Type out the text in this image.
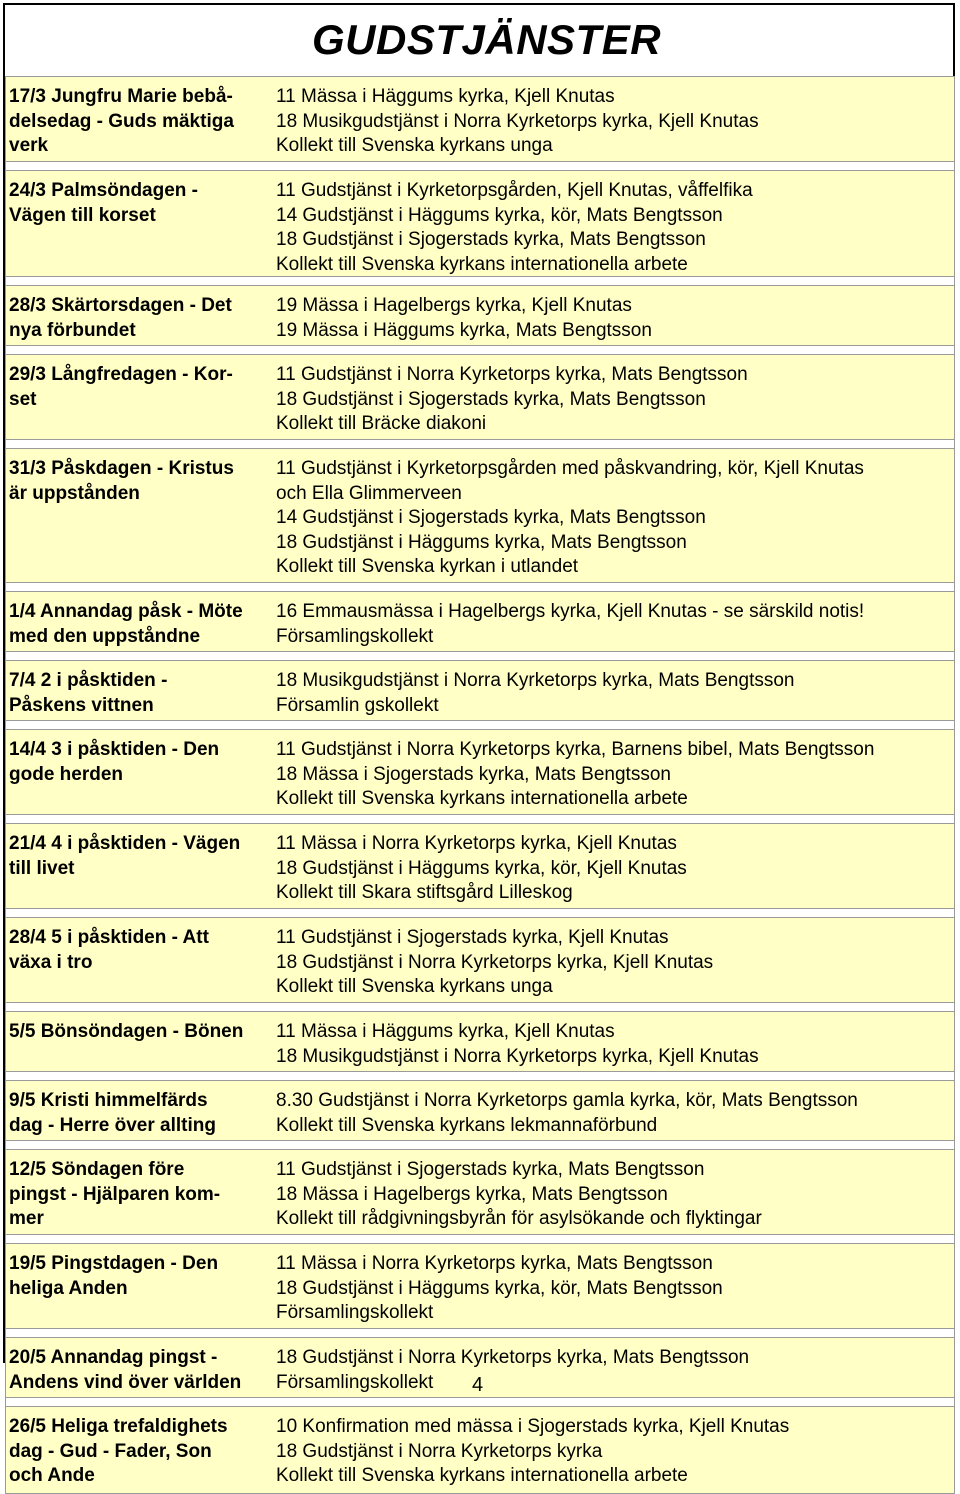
GUDSTJÄNSTER
17/3 Jungfru Marie bebå-
delsedag - Guds mäktiga
verk
11 Mässa i Häggums kyrka, Kjell Knutas
18 Musikgudstjänst i Norra Kyrketorps kyrka, Kjell Knutas
Kollekt till Svenska kyrkans unga
24/3 Palmsöndagen -
Vägen till korset
11 Gudstjänst i Kyrketorpsgården, Kjell Knutas, våffelfika
14 Gudstjänst i Häggums kyrka, kör, Mats Bengtsson
18 Gudstjänst i Sjogerstads kyrka, Mats Bengtsson
Kollekt till Svenska kyrkans internationella arbete
28/3 Skärtorsdagen - Det
nya förbundet
19 Mässa i Hagelbergs kyrka, Kjell Knutas
19 Mässa i Häggums kyrka, Mats Bengtsson
29/3 Långfredagen - Kor-
set
11 Gudstjänst i Norra Kyrketorps kyrka, Mats Bengtsson
18 Gudstjänst i Sjogerstads kyrka, Mats Bengtsson
Kollekt till Bräcke diakoni
31/3 Påskdagen - Kristus
är uppstånden
11 Gudstjänst i Kyrketorpsgården med påskvandring, kör, Kjell Knutas
och Ella Glimmerveen
14 Gudstjänst i Sjogerstads kyrka, Mats Bengtsson
18 Gudstjänst i Häggums kyrka, Mats Bengtsson
Kollekt till Svenska kyrkan i utlandet
1/4 Annandag påsk - Möte
med den uppståndne
16 Emmausmässa i Hagelbergs kyrka, Kjell Knutas - se särskild notis!
Församlingskollekt
7/4 2 i påsktiden -
Påskens vittnen
18 Musikgudstjänst i Norra Kyrketorps kyrka, Mats Bengtsson
Församlin gskollekt
14/4 3 i påsktiden - Den
gode herden
11 Gudstjänst i Norra Kyrketorps kyrka, Barnens bibel, Mats Bengtsson
18 Mässa i Sjogerstads kyrka, Mats Bengtsson
Kollekt till Svenska kyrkans internationella arbete
21/4 4 i påsktiden - Vägen
till livet
11 Mässa i Norra Kyrketorps kyrka, Kjell Knutas
18 Gudstjänst i Häggums kyrka, kör, Kjell Knutas
Kollekt till Skara stiftsgård Lilleskog
28/4 5 i påsktiden - Att
växa i tro
11 Gudstjänst i Sjogerstads kyrka, Kjell Knutas
18 Gudstjänst i Norra Kyrketorps kyrka, Kjell Knutas
Kollekt till Svenska kyrkans unga
5/5 Bönsöndagen - Bönen	11 Mässa i Häggums kyrka, Kjell Knutas
18 Musikgudstjänst i Norra Kyrketorps kyrka, Kjell Knutas
9/5 Kristi himmelfärds
dag - Herre över allting
8.30 Gudstjänst i Norra Kyrketorps gamla kyrka, kör, Mats Bengtsson
Kollekt till Svenska kyrkans lekmannaförbund
12/5 Söndagen före
pingst - Hjälparen kom-
mer
11 Gudstjänst i Sjogerstads kyrka, Mats Bengtsson
18 Mässa i Hagelbergs kyrka, Mats Bengtsson
Kollekt till rådgivningsbyrån för asylsökande och flyktingar
19/5 Pingstdagen - Den
heliga Anden
11 Mässa i Norra Kyrketorps kyrka, Mats Bengtsson
18 Gudstjänst i Häggums kyrka, kör, Mats Bengtsson
Församlingskollekt
20/5 Annandag pingst -
Andens vind över världen
18 Gudstjänst i Norra Kyrketorps kyrka, Mats Bengtsson
Församlingskollekt
26/5 Heliga trefaldighets
dag - Gud - Fader, Son
och Ande
10 Konfirmation med mässa i Sjogerstads kyrka, Kjell Knutas
18 Gudstjänst i Norra Kyrketorps kyrka
Kollekt till Svenska kyrkans internationella arbete
4
